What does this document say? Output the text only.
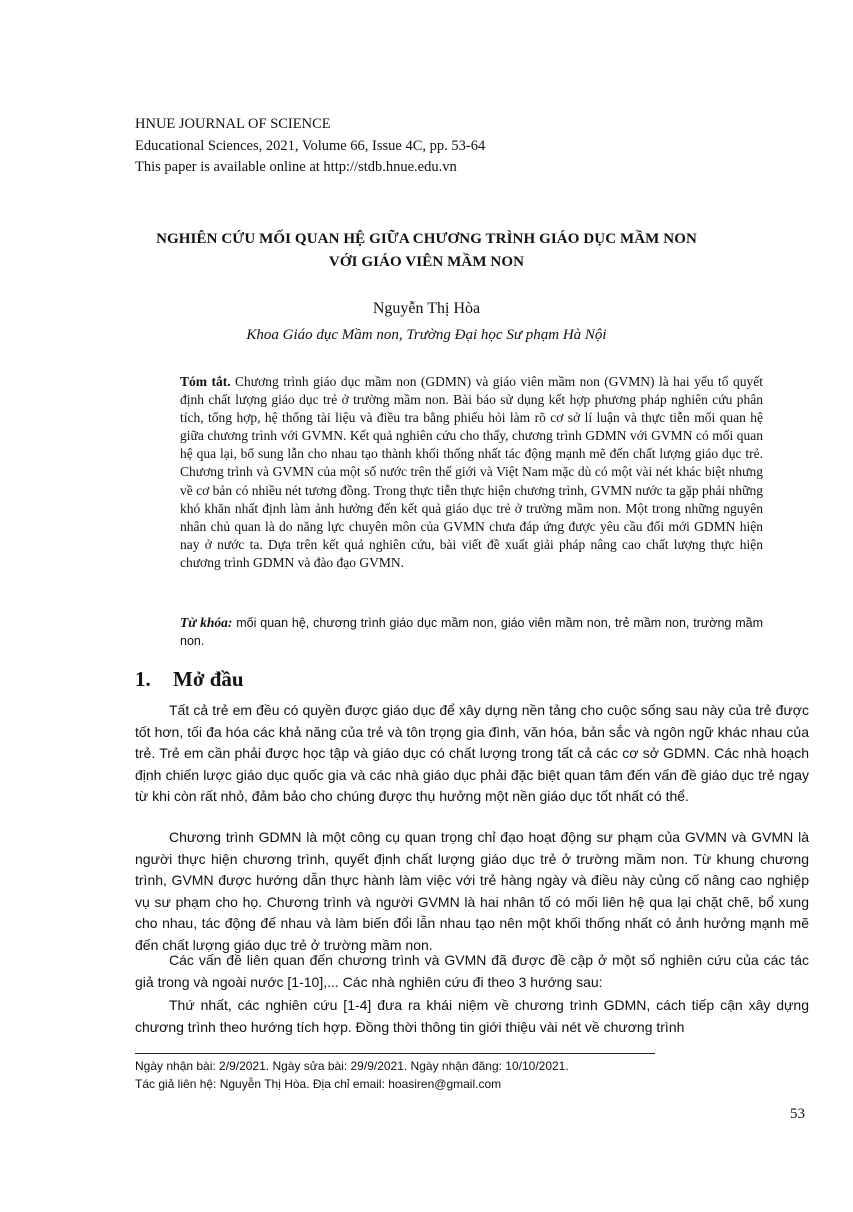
HNUE JOURNAL OF SCIENCE
Educational Sciences, 2021, Volume 66, Issue 4C, pp. 53-64
This paper is available online at http://stdb.hnue.edu.vn
NGHIÊN CỨU MỐI QUAN HỆ GIỮA CHƯƠNG TRÌNH GIÁO DỤC MẦM NON
VỚI GIÁO VIÊN MẦM NON
Nguyễn Thị Hòa
Khoa Giáo dục Mầm non, Trường Đại học Sư phạm Hà Nội
Tóm tắt. Chương trình giáo dục mầm non (GDMN) và giáo viên mầm non (GVMN) là hai yếu tố quyết định chất lượng giáo dục trẻ ở trường mầm non. Bài báo sử dụng kết hợp phương pháp nghiên cứu phân tích, tổng hợp, hệ thống tài liệu và điều tra bằng phiếu hỏi làm rõ cơ sở lí luận và thực tiễn mối quan hệ giữa chương trình với GVMN. Kết quả nghiên cứu cho thấy, chương trình GDMN với GVMN có mối quan hệ qua lại, bổ sung lẫn cho nhau tạo thành khối thống nhất tác động mạnh mẽ đến chất lượng giáo dục trẻ. Chương trình và GVMN của một số nước trên thế giới và Việt Nam mặc dù có một vài nét khác biệt nhưng về cơ bản có nhiều nét tương đồng. Trong thực tiễn thực hiện chương trình, GVMN nước ta gặp phải những khó khăn nhất định làm ảnh hưởng đến kết quả giáo dục trẻ ở trường mầm non. Một trong những nguyên nhân chủ quan là do năng lực chuyên môn của GVMN chưa đáp ứng được yêu cầu đổi mới GDMN hiện nay ở nước ta. Dựa trên kết quả nghiên cứu, bài viết đề xuất giải pháp nâng cao chất lượng thực hiện chương trình GDMN và đào đạo GVMN.
Từ khóa: mối quan hệ, chương trình giáo dục mầm non, giáo viên mầm non, trẻ mầm non, trường mầm non.
1. Mở đầu

Tất cả trẻ em đều có quyền được giáo dục để xây dựng nền tảng cho cuộc sống sau này của trẻ được tốt hơn, tối đa hóa các khả năng của trẻ và tôn trọng gia đình, văn hóa, bản sắc và ngôn ngữ khác nhau của trẻ. Trẻ em cần phải được học tập và giáo dục có chất lượng trong tất cả các cơ sở GDMN. Các nhà hoạch định chiến lược giáo dục quốc gia và các nhà giáo dục phải đặc biệt quan tâm đến vấn đề giáo dục trẻ ngay từ khi còn rất nhỏ, đảm bảo cho chúng được thụ hưởng một nền giáo dục tốt nhất có thể.

Chương trình GDMN là một công cụ quan trọng chỉ đạo hoạt động sư phạm của GVMN và GVMN là người thực hiện chương trình, quyết định chất lượng giáo dục trẻ ở trường mầm non. Từ khung chương trình, GVMN được hướng dẫn thực hành làm việc với trẻ hàng ngày và điều này củng cố nâng cao nghiệp vụ sư phạm cho họ. Chương trình và người GVMN là hai nhân tố có mối liên hệ qua lại chặt chẽ, bổ xung cho nhau, tác động đế nhau và làm biến đổi lẫn nhau tạo nên một khối thống nhất có ảnh hưởng mạnh mẽ đến chất lượng giáo dục trẻ ở trường mầm non.

Các vấn đề liên quan đến chương trình và GVMN đã được đề cập ở một số nghiên cứu của các tác giả trong và ngoài nước [1-10],... Các nhà nghiên cứu đi theo 3 hướng sau:

Thứ nhất, các nghiên cứu [1-4] đưa ra khái niệm về chương trình GDMN, cách tiếp cận xây dựng chương trình theo hướng tích hợp. Đồng thời thông tin giới thiệu vài nét về chương trình

Ngày nhận bài: 2/9/2021. Ngày sửa bài: 29/9/2021. Ngày nhận đăng: 10/10/2021.
Tác giả liên hệ: Nguyễn Thị Hòa. Địa chỉ email: hoasiren@gmail.com
53
